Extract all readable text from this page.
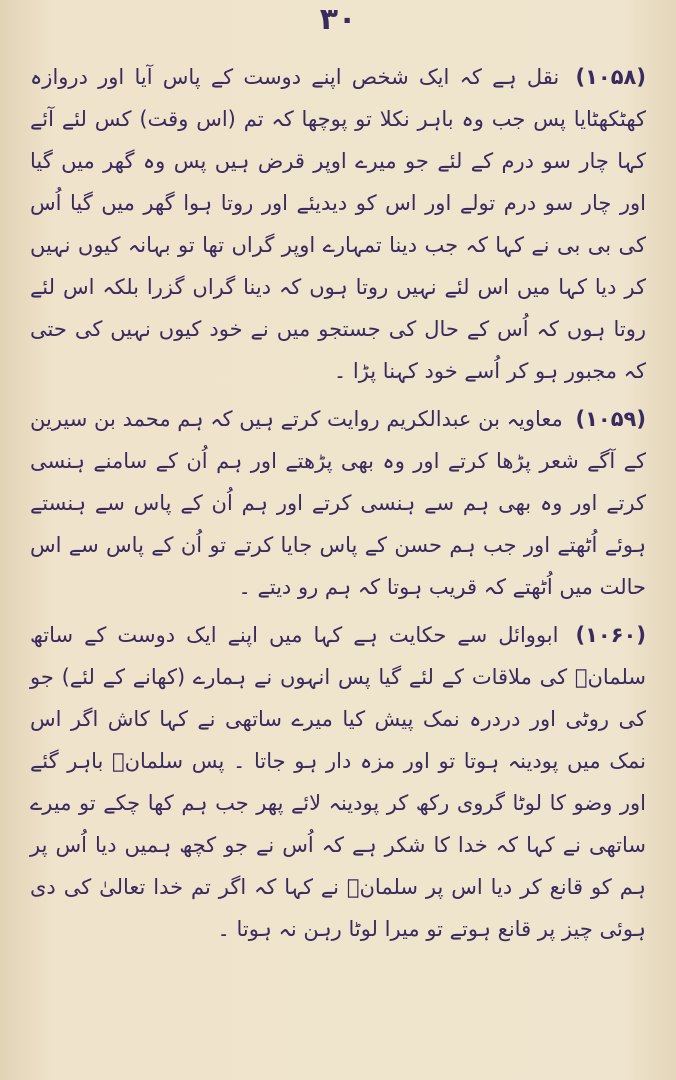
۳۰

(۱۰۵۸) نقل ہے کہ ایک شخص اپنے دوست کے پاس آیا اور دروازہ کھٹکھٹایا پس جب وہ باہر نکلا تو پوچھا کہ تم (اس وقت) کس لئے آئے کہا چار سو درم کے لئے جو میرے اوپر قرض ہیں پس وہ گھر میں گیا اور چار سو درم تولے اور اس کو دیدیئے اور روتا ہوا گھر میں گیا اُس کی بی بی نے کہا کہ جب دینا تمہارے اوپر گراں تھا تو بہانہ کیوں نہیں کر دیا کہا میں اس لئے نہیں روتا ہوں کہ دینا گراں گزرا بلکہ اس لئے روتا ہوں کہ اُس کے حال کی جستجو میں نے خود کیوں نہیں کی حتی کہ مجبور ہو کر اُسے خود کہنا پڑا ۔

(۱۰۵۹) معاویہ بن عبدالکریم روایت کرتے ہیں کہ ہم محمد بن سیرین کے آگے شعر پڑھا کرتے اور وہ بھی پڑھتے اور ہم اُن کے سامنے ہنسی کرتے اور وہ بھی ہم سے ہنسی کرتے اور ہم اُن کے پاس سے ہنستے ہوئے اُٹھتے اور جب ہم حسن کے پاس جایا کرتے تو اُن کے پاس سے اس حالت میں اُٹھتے کہ قریب ہوتا کہ ہم رو دیتے ۔

(۱۰۶۰) ابووائل سے حکایت ہے کہا میں اپنے ایک دوست کے ساتھ سلمانؓ کی ملاقات کے لئے گیا پس انہوں نے ہمارے (کھانے کے لئے) جو کی روٹی اور دردرہ نمک پیش کیا میرے ساتھی نے کہا کاش اگر اس نمک میں پودینہ ہوتا تو اور مزہ دار ہو جاتا ۔ پس سلمانؓ باہر گئے اور وضو کا لوٹا گروی رکھ کر پودینہ لائے پھر جب ہم کھا چکے تو میرے ساتھی نے کہا کہ خدا کا شکر ہے کہ اُس نے جو کچھ ہمیں دیا اُس پر ہم کو قانع کر دیا اس پر سلمانؓ نے کہا کہ اگر تم خدا تعالیٰ کی دی ہوئی چیز پر قانع ہوتے تو میرا لوٹا رہن نہ ہوتا ۔
